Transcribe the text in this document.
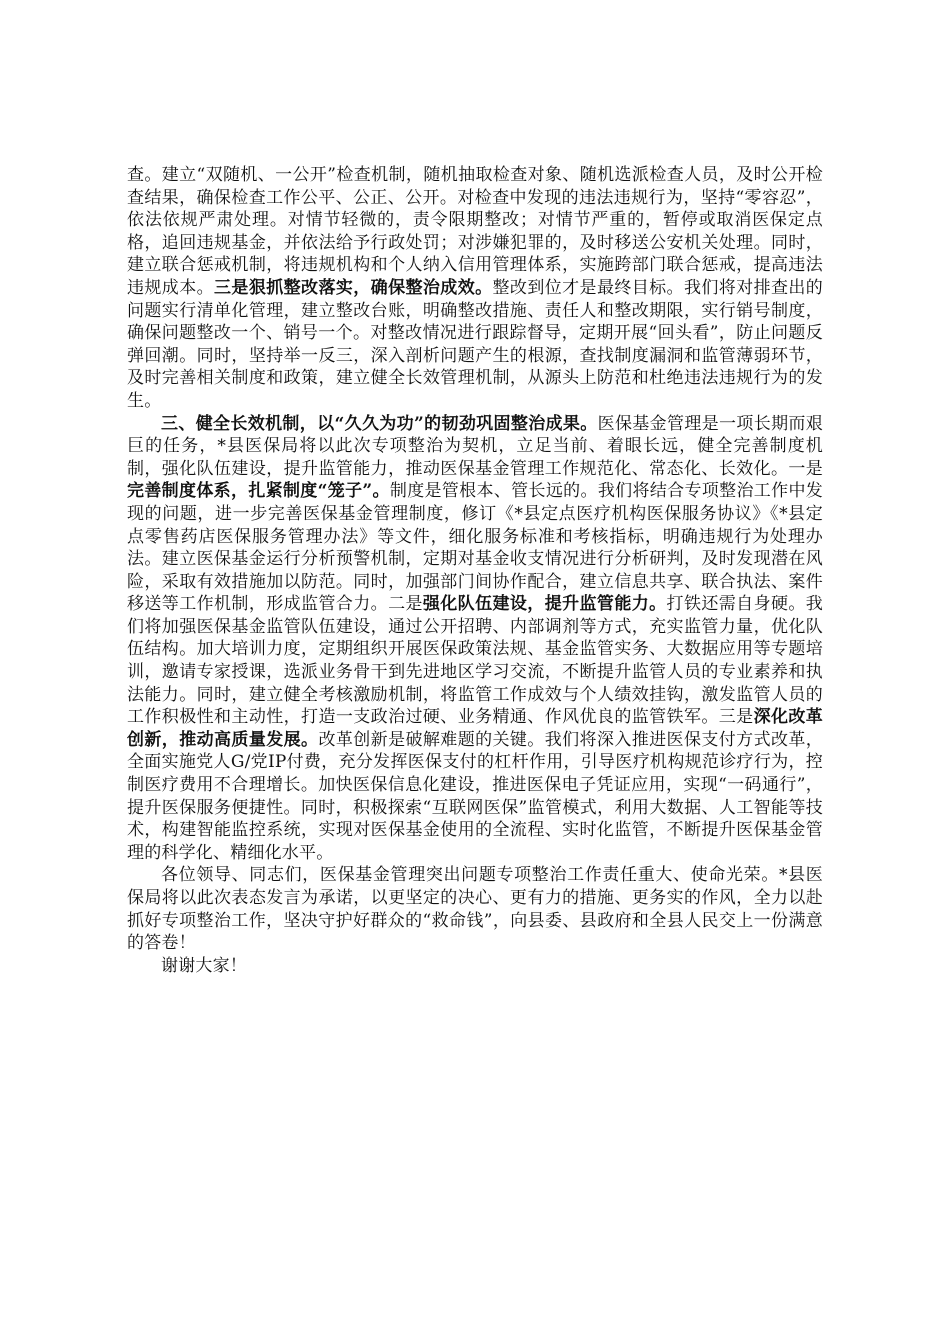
查。建立“双随机、一公开”检查机制，随机抽取检查对象、随机选派检查人员，及时公开检查结果，确保检查工作公平、公正、公开。对检查中发现的违法违规行为，坚持“零容忍”，依法依规严肃处理。对情节轻微的，责令限期整改；对情节严重的，暂停或取消医保定点格，追回违规基金，并依法给予行政处罚；对涉嫌犯罪的，及时移送公安机关处理。同时，建立联合惩戒机制，将违规机构和个人纳入信用管理体系，实施跨部门联合惩戒，提高违法违规成本。三是狠抓整改落实，确保整治成效。整改到位才是最终目标。我们将对排查出的问题实行清单化管理，建立整改台账，明确整改措施、责任人和整改期限，实行销号制度，确保问题整改一个、销号一个。对整改情况进行跟踪督导，定期开展“回头看”，防止问题反弹回潮。同时，坚持举一反三，深入剖析问题产生的根源，查找制度漏洞和监管薄弱环节，及时完善相关制度和政策，建立健全长效管理机制，从源头上防范和杜绝违法违规行为的发生。

三、健全长效机制，以“久久为功”的韧劲巩固整治成果。医保基金管理是一项长期而艰巨的任务，*县医保局将以此次专项整治为契机，立足当前、着眼长远，健全完善制度机制，强化队伍建设，提升监管能力，推动医保基金管理工作规范化、常态化、长效化。一是完善制度体系，扎紧制度“笼子”。制度是管根本、管长远的。我们将结合专项整治工作中发现的问题，进一步完善医保基金管理制度，修订《*县定点医疗机构医保服务协议》《*县定点零售药店医保服务管理办法》等文件，细化服务标准和考核指标，明确违规行为处理办法。建立医保基金运行分析预警机制，定期对基金收支情况进行分析研判，及时发现潜在风险，采取有效措施加以防范。同时，加强部门间协作配合，建立信息共享、联合执法、案件移送等工作机制，形成监管合力。二是强化队伍建设，提升监管能力。打铁还需自身硬。我们将加强医保基金监管队伍建设，通过公开招聘、内部调剂等方式，充实监管力量，优化队伍结构。加大培训力度，定期组织开展医保政策法规、基金监管实务、大数据应用等专题培训，邀请专家授课，选派业务骨干到先进地区学习交流，不断提升监管人员的专业素养和执法能力。同时，建立健全考核激励机制，将监管工作成效与个人绩效挂钩，激发监管人员的工作积极性和主动性，打造一支政治过硬、业务精通、作风优良的监管铁军。三是深化改革创新，推动高质量发展。改革创新是破解难题的关键。我们将深入推进医保支付方式改革，全面实施党人G/党IP付费，充分发挥医保支付的杠杆作用，引导医疗机构规范诊疗行为，控制医疗费用不合理增长。加快医保信息化建设，推进医保电子凭证应用，实现“一码通行”，提升医保服务便捷性。同时，积极探索“互联网医保”监管模式，利用大数据、人工智能等技术，构建智能监控系统，实现对医保基金使用的全流程、实时化监管，不断提升医保基金管理的科学化、精细化水平。

各位领导、同志们，医保基金管理突出问题专项整治工作责任重大、使命光荣。*县医保局将以此次表态发言为承诺，以更坚定的决心、更有力的措施、更务实的作风，全力以赴抓好专项整治工作，坚决守护好群众的“救命钱”，向县委、县政府和全县人民交上一份满意的答卷！

谢谢大家！
